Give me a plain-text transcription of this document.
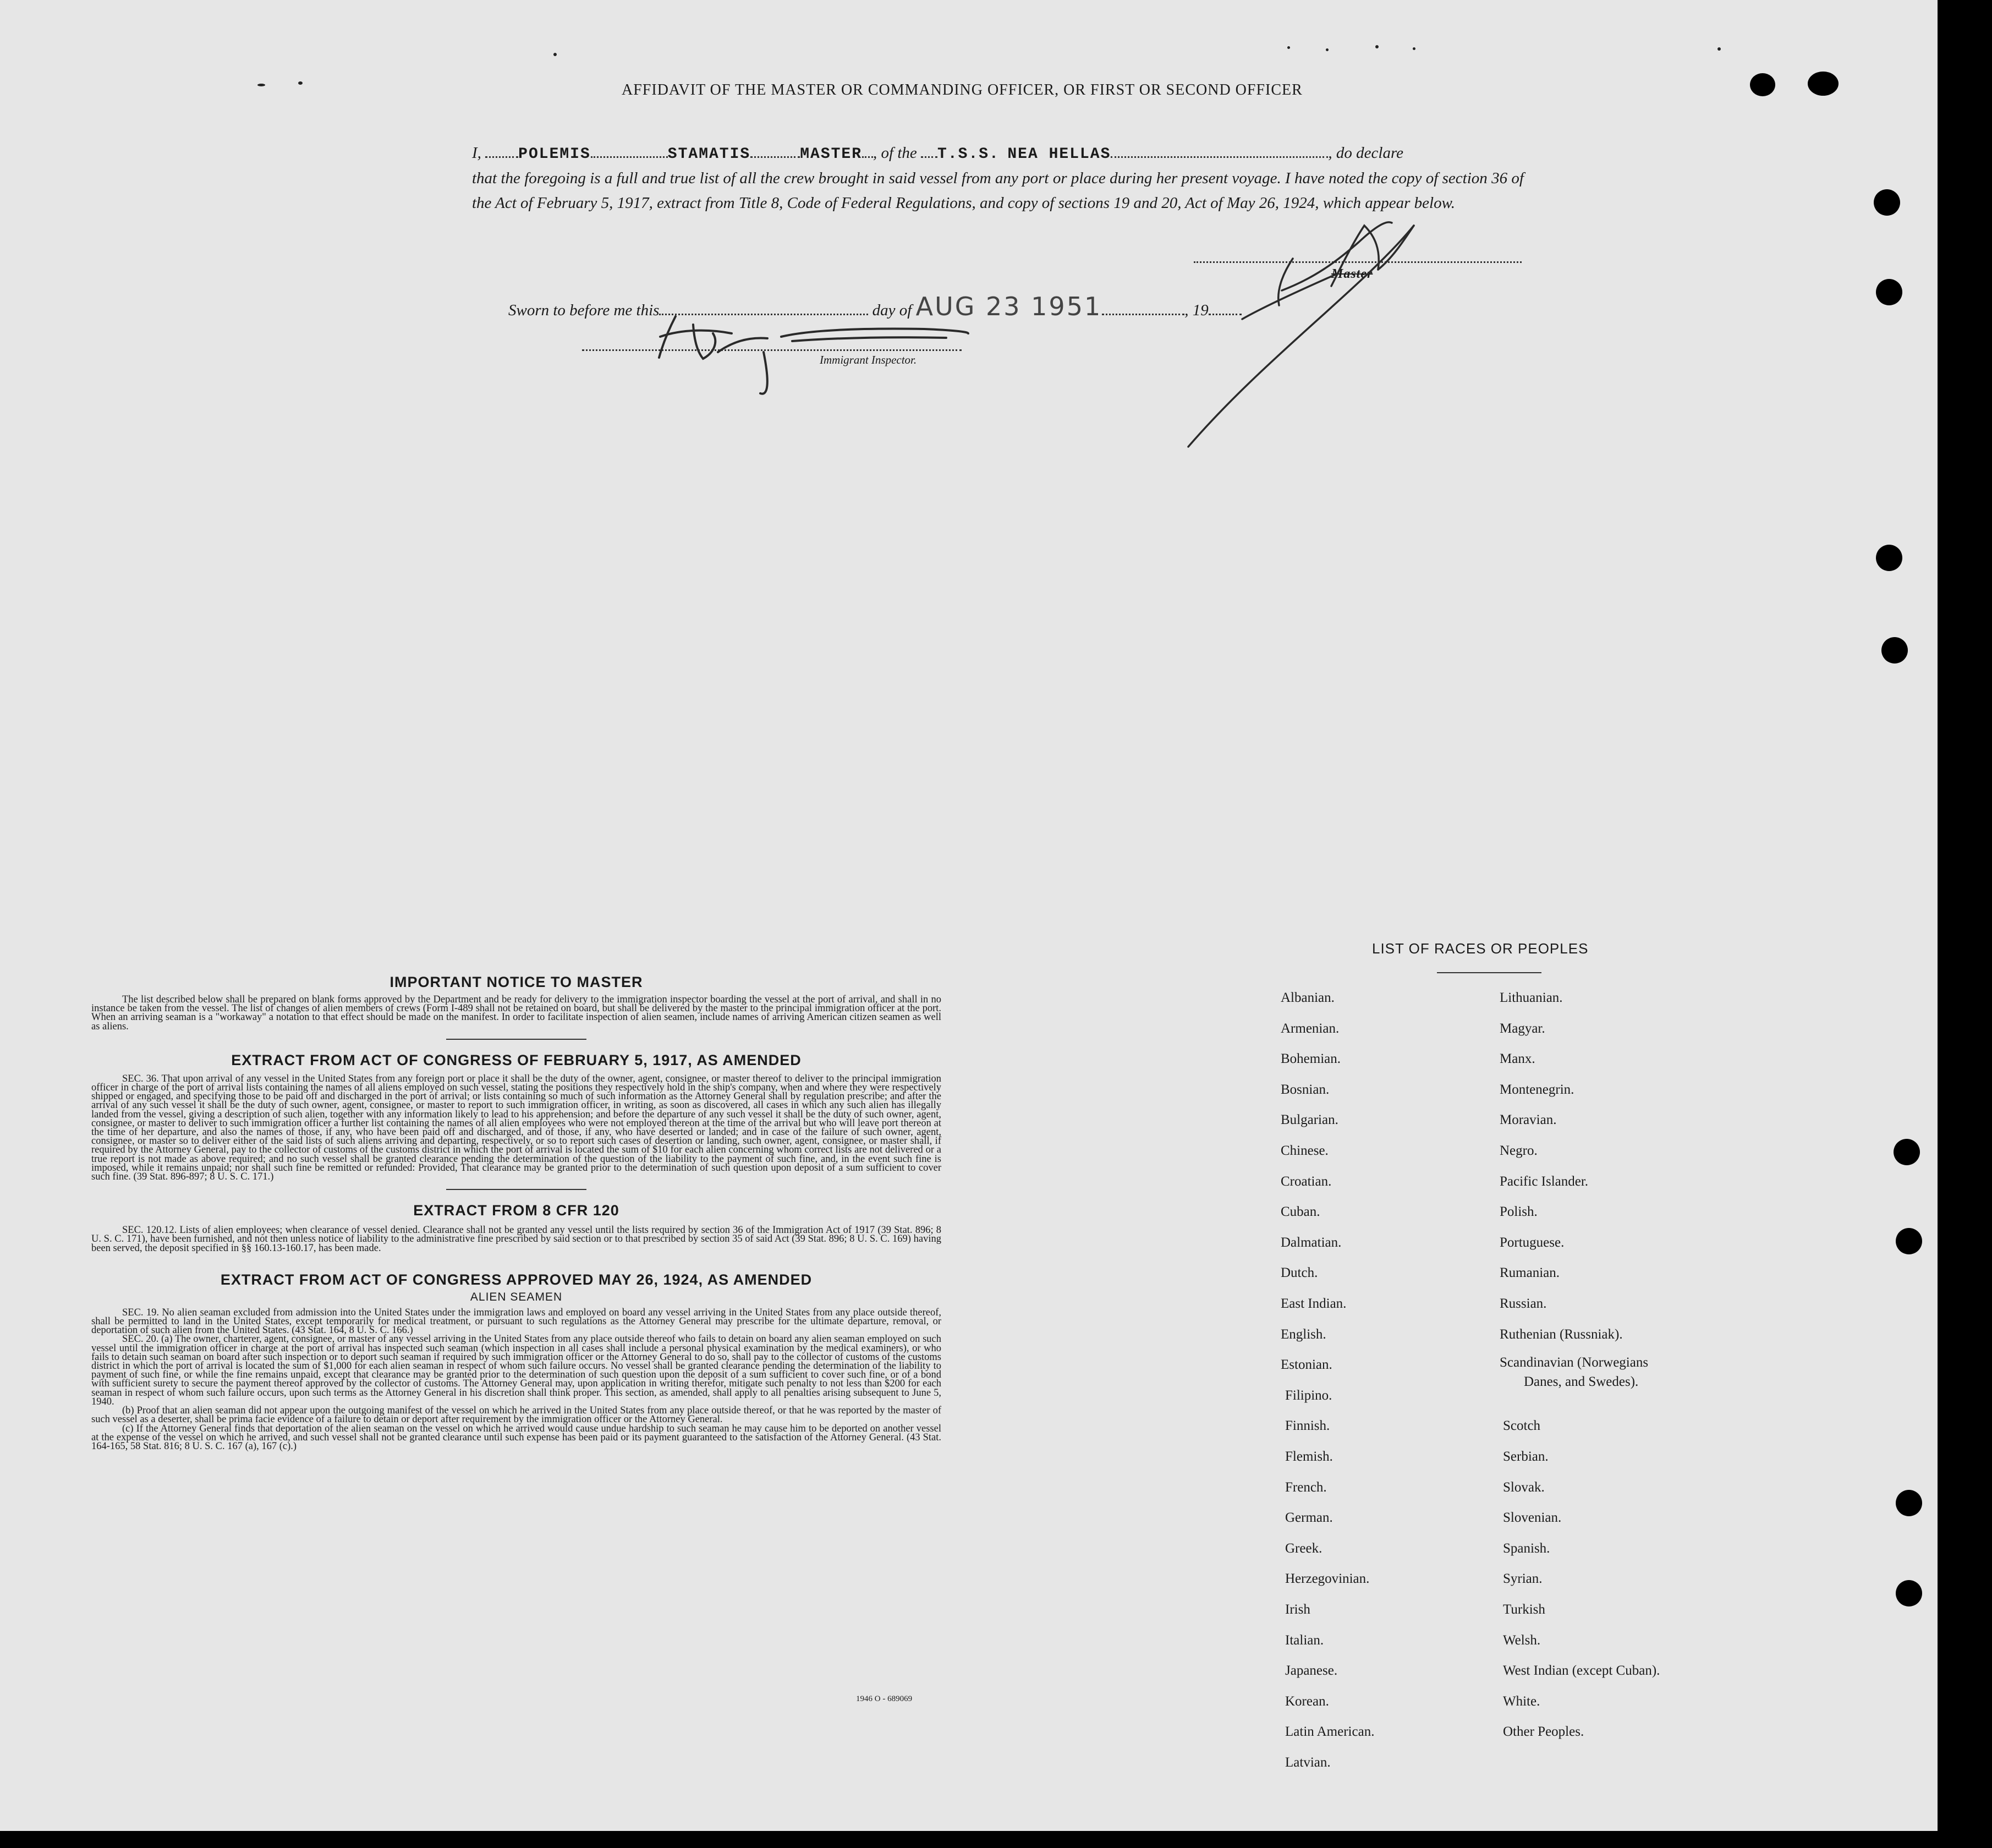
AFFIDAVIT OF THE MASTER OR COMMANDING OFFICER, OR FIRST OR SECOND OFFICER
I, POLEMIS	STAMATIS	MASTER , of the T.S.S. NEA HELLAS	, do declare
that the foregoing is a full and true list of all the crew brought in said vessel from any port or place during her present voyage. I have noted the copy of section 36 of the Act of February 5, 1917, extract from Title 8, Code of Federal Regulations, and copy of sections 19 and 20, Act of May 26, 1924, which appear below.
Master
Sworn to before me this	day of AUG 23 1951	, 19
Immigrant Inspector.
IMPORTANT NOTICE TO MASTER

The list described below shall be prepared on blank forms approved by the Department and be ready for delivery to the immigration inspector boarding the vessel at the port of arrival, and shall in no instance be taken from the vessel. The list of changes of alien members of crews (Form I-489 shall not be retained on board, but shall be delivered by the master to the principal immigration officer at the port. When an arriving seaman is a "workaway" a notation to that effect should be made on the manifest. In order to facilitate inspection of alien seamen, include names of arriving American citizen seamen as well as aliens.

EXTRACT FROM ACT OF CONGRESS OF FEBRUARY 5, 1917, AS AMENDED

SEC. 36. That upon arrival of any vessel in the United States from any foreign port or place it shall be the duty of the owner, agent, consignee, or master thereof to deliver to the principal immigration officer in charge of the port of arrival lists containing the names of all aliens employed on such vessel, stating the positions they respectively hold in the ship's company, when and where they were respectively shipped or engaged, and specifying those to be paid off and discharged in the port of arrival; or lists containing so much of such information as the Attorney General shall by regulation prescribe; and after the arrival of any such vessel it shall be the duty of such owner, agent, consignee, or master to report to such immigration officer, in writing, as soon as discovered, all cases in which any such alien has illegally landed from the vessel, giving a description of such alien, together with any information likely to lead to his apprehension; and before the departure of any such vessel it shall be the duty of such owner, agent, consignee, or master to deliver to such immigration officer a further list containing the names of all alien employees who were not employed thereon at the time of the arrival but who will leave port thereon at the time of her departure, and also the names of those, if any, who have been paid off and discharged, and of those, if any, who have deserted or landed; and in case of the failure of such owner, agent, consignee, or master so to deliver either of the said lists of such aliens arriving and departing, respectively, or so to report such cases of desertion or landing, such owner, agent, consignee, or master shall, if required by the Attorney General, pay to the collector of customs of the customs district in which the port of arrival is located the sum of $10 for each alien concerning whom correct lists are not delivered or a true report is not made as above required; and no such vessel shall be granted clearance pending the determination of the question of the liability to the payment of such fine, and, in the event such fine is imposed, while it remains unpaid; nor shall such fine be remitted or refunded: Provided, That clearance may be granted prior to the determination of such question upon deposit of a sum sufficient to cover such fine. (39 Stat. 896-897; 8 U. S. C. 171.)

EXTRACT FROM 8 CFR 120

SEC. 120.12. Lists of alien employees; when clearance of vessel denied. Clearance shall not be granted any vessel until the lists required by section 36 of the Immigration Act of 1917 (39 Stat. 896; 8 U. S. C. 171), have been furnished, and not then unless notice of liability to the administrative fine prescribed by said section or to that prescribed by section 35 of said Act (39 Stat. 896; 8 U. S. C. 169) having been served, the deposit specified in §§ 160.13-160.17, has been made.

EXTRACT FROM ACT OF CONGRESS APPROVED MAY 26, 1924, AS AMENDED
ALIEN SEAMEN

SEC. 19. No alien seaman excluded from admission into the United States under the immigration laws and employed on board any vessel arriving in the United States from any place outside thereof, shall be permitted to land in the United States, except temporarily for medical treatment, or pursuant to such regulations as the Attorney General may prescribe for the ultimate departure, removal, or deportation of such alien from the United States. (43 Stat. 164, 8 U. S. C. 166.)

SEC. 20. (a) The owner, charterer, agent, consignee, or master of any vessel arriving in the United States from any place outside thereof who fails to detain on board any alien seaman employed on such vessel until the immigration officer in charge at the port of arrival has inspected such seaman (which inspection in all cases shall include a personal physical examination by the medical examiners), or who fails to detain such seaman on board after such inspection or to deport such seaman if required by such immigration officer or the Attorney General to do so, shall pay to the collector of customs of the customs district in which the port of arrival is located the sum of $1,000 for each alien seaman in respect of whom such failure occurs. No vessel shall be granted clearance pending the determination of the liability to payment of such fine, or while the fine remains unpaid, except that clearance may be granted prior to the determination of such question upon the deposit of a sum sufficient to cover such fine, or of a bond with sufficient surety to secure the payment thereof approved by the collector of customs. The Attorney General may, upon application in writing therefor, mitigate such penalty to not less than $200 for each seaman in respect of whom such failure occurs, upon such terms as the Attorney General in his discretion shall think proper. This section, as amended, shall apply to all penalties arising subsequent to June 5, 1940.

(b) Proof that an alien seaman did not appear upon the outgoing manifest of the vessel on which he arrived in the United States from any place outside thereof, or that he was reported by the master of such vessel as a deserter, shall be prima facie evidence of a failure to detain or deport after requirement by the immigration officer or the Attorney General.

(c) If the Attorney General finds that deportation of the alien seaman on the vessel on which he arrived would cause undue hardship to such seaman he may cause him to be deported on another vessel at the expense of the vessel on which he arrived, and such vessel shall not be granted clearance until such expense has been paid or its payment guaranteed to the satisfaction of the Attorney General. (43 Stat. 164-165, 58 Stat. 816; 8 U. S. C. 167 (a), 167 (c).)

1946 O - 689069
LIST OF RACES OR PEOPLES
Albanian.
Armenian.
Bohemian.
Bosnian.
Bulgarian.
Chinese.
Croatian.
Cuban.
Dalmatian.
Dutch.
East Indian.
English.
Estonian.
Filipino.
Finnish.
Flemish.
French.
German.
Greek.
Herzegovinian.
Irish
Italian.
Japanese.
Korean.
Latin American.
Latvian.
Lithuanian.
Magyar.
Manx.
Montenegrin.
Moravian.
Negro.
Pacific Islander.
Polish.
Portuguese.
Rumanian.
Russian.
Ruthenian (Russniak).
Scandinavian (Norwegians
Danes, and Swedes).
Scotch
Serbian.
Slovak.
Slovenian.
Spanish.
Syrian.
Turkish
Welsh.
West Indian (except Cuban).
White.
Other Peoples.
